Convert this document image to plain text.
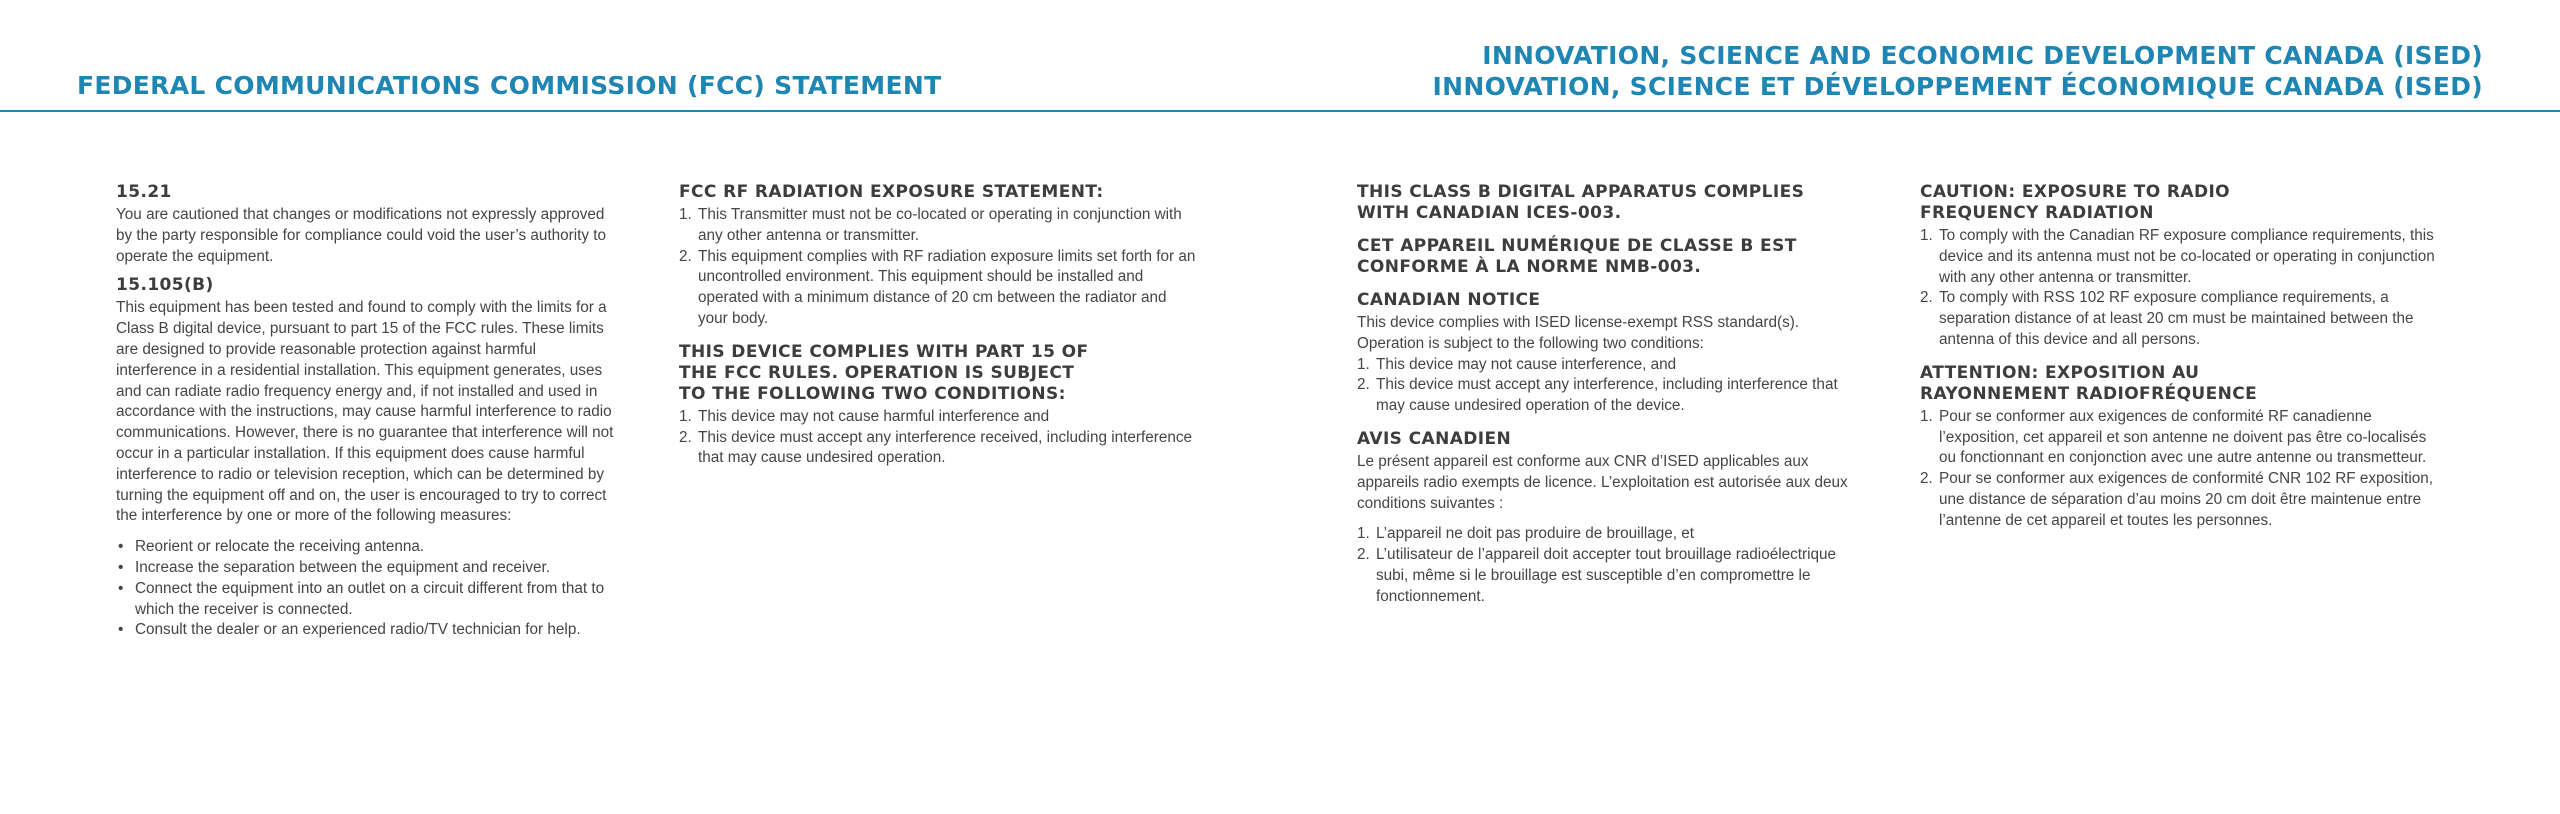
FEDERAL COMMUNICATIONS COMMISSION (FCC) STATEMENT
INNOVATION, SCIENCE AND ECONOMIC DEVELOPMENT CANADA (ISED)
INNOVATION, SCIENCE ET DÉVELOPPEMENT ÉCONOMIQUE CANADA (ISED)
15.21

You are cautioned that changes or modifications not expressly approved by the party responsible for compliance could void the user’s authority to operate the equipment.

15.105(B)

This equipment has been tested and found to comply with the limits for a Class B digital device, pursuant to part 15 of the FCC rules. These limits are designed to provide reasonable protection against harmful interference in a residential installation. This equipment generates, uses and can radiate radio frequency energy and, if not installed and used in accordance with the instructions, may cause harmful interference to radio communications. However, there is no guarantee that interference will not occur in a particular installation. If this equipment does cause harmful interference to radio or television reception, which can be determined by turning the equipment off and on, the user is encouraged to try to correct the interference by one or more of the following measures:

• Reorient or relocate the receiving antenna.
• Increase the separation between the equipment and receiver.
• Connect the equipment into an outlet on a circuit different from that to which the receiver is connected.
• Consult the dealer or an experienced radio/TV technician for help.
FCC RF RADIATION EXPOSURE STATEMENT:
1. This Transmitter must not be co-located or operating in conjunction with any other antenna or transmitter.
2. This equipment complies with RF radiation exposure limits set forth for an uncontrolled environment. This equipment should be installed and operated with a minimum distance of 20 cm between the radiator and your body.
THIS DEVICE COMPLIES WITH PART 15 OF
THE FCC RULES. OPERATION IS SUBJECT
TO THE FOLLOWING TWO CONDITIONS:
1. This device may not cause harmful interference and
2. This device must accept any interference received, including interference that may cause undesired operation.
THIS CLASS B DIGITAL APPARATUS COMPLIES WITH CANADIAN ICES-003.
CET APPAREIL NUMÉRIQUE DE CLASSE B EST CONFORME À LA NORME NMB-003.
CANADIAN NOTICE

This device complies with ISED license-exempt RSS standard(s). Operation is subject to the following two conditions:

1. This device may not cause interference, and
2. This device must accept any interference, including interference that may cause undesired operation of the device.
AVIS CANADIEN

Le présent appareil est conforme aux CNR d’ISED applicables aux appareils radio exempts de licence. L’exploitation est autorisée aux deux conditions suivantes :

1. L’appareil ne doit pas produire de brouillage, et
2. L’utilisateur de l’appareil doit accepter tout brouillage radioélectrique subi, même si le brouillage est susceptible d’en compromettre le fonctionnement.
CAUTION: EXPOSURE TO RADIO
FREQUENCY RADIATION
1. To comply with the Canadian RF exposure compliance requirements, this device and its antenna must not be co-located or operating in conjunction with any other antenna or transmitter.
2. To comply with RSS 102 RF exposure compliance requirements, a separation distance of at least 20 cm must be maintained between the antenna of this device and all persons.
ATTENTION: EXPOSITION AU
RAYONNEMENT RADIOFRÉQUENCE
1. Pour se conformer aux exigences de conformité RF canadienne l’exposition, cet appareil et son antenne ne doivent pas être co-localisés ou fonctionnant en conjonction avec une autre antenne ou transmetteur.
2. Pour se conformer aux exigences de conformité CNR 102 RF exposition, une distance de séparation d’au moins 20 cm doit être maintenue entre l’antenne de cet appareil et toutes les personnes.
